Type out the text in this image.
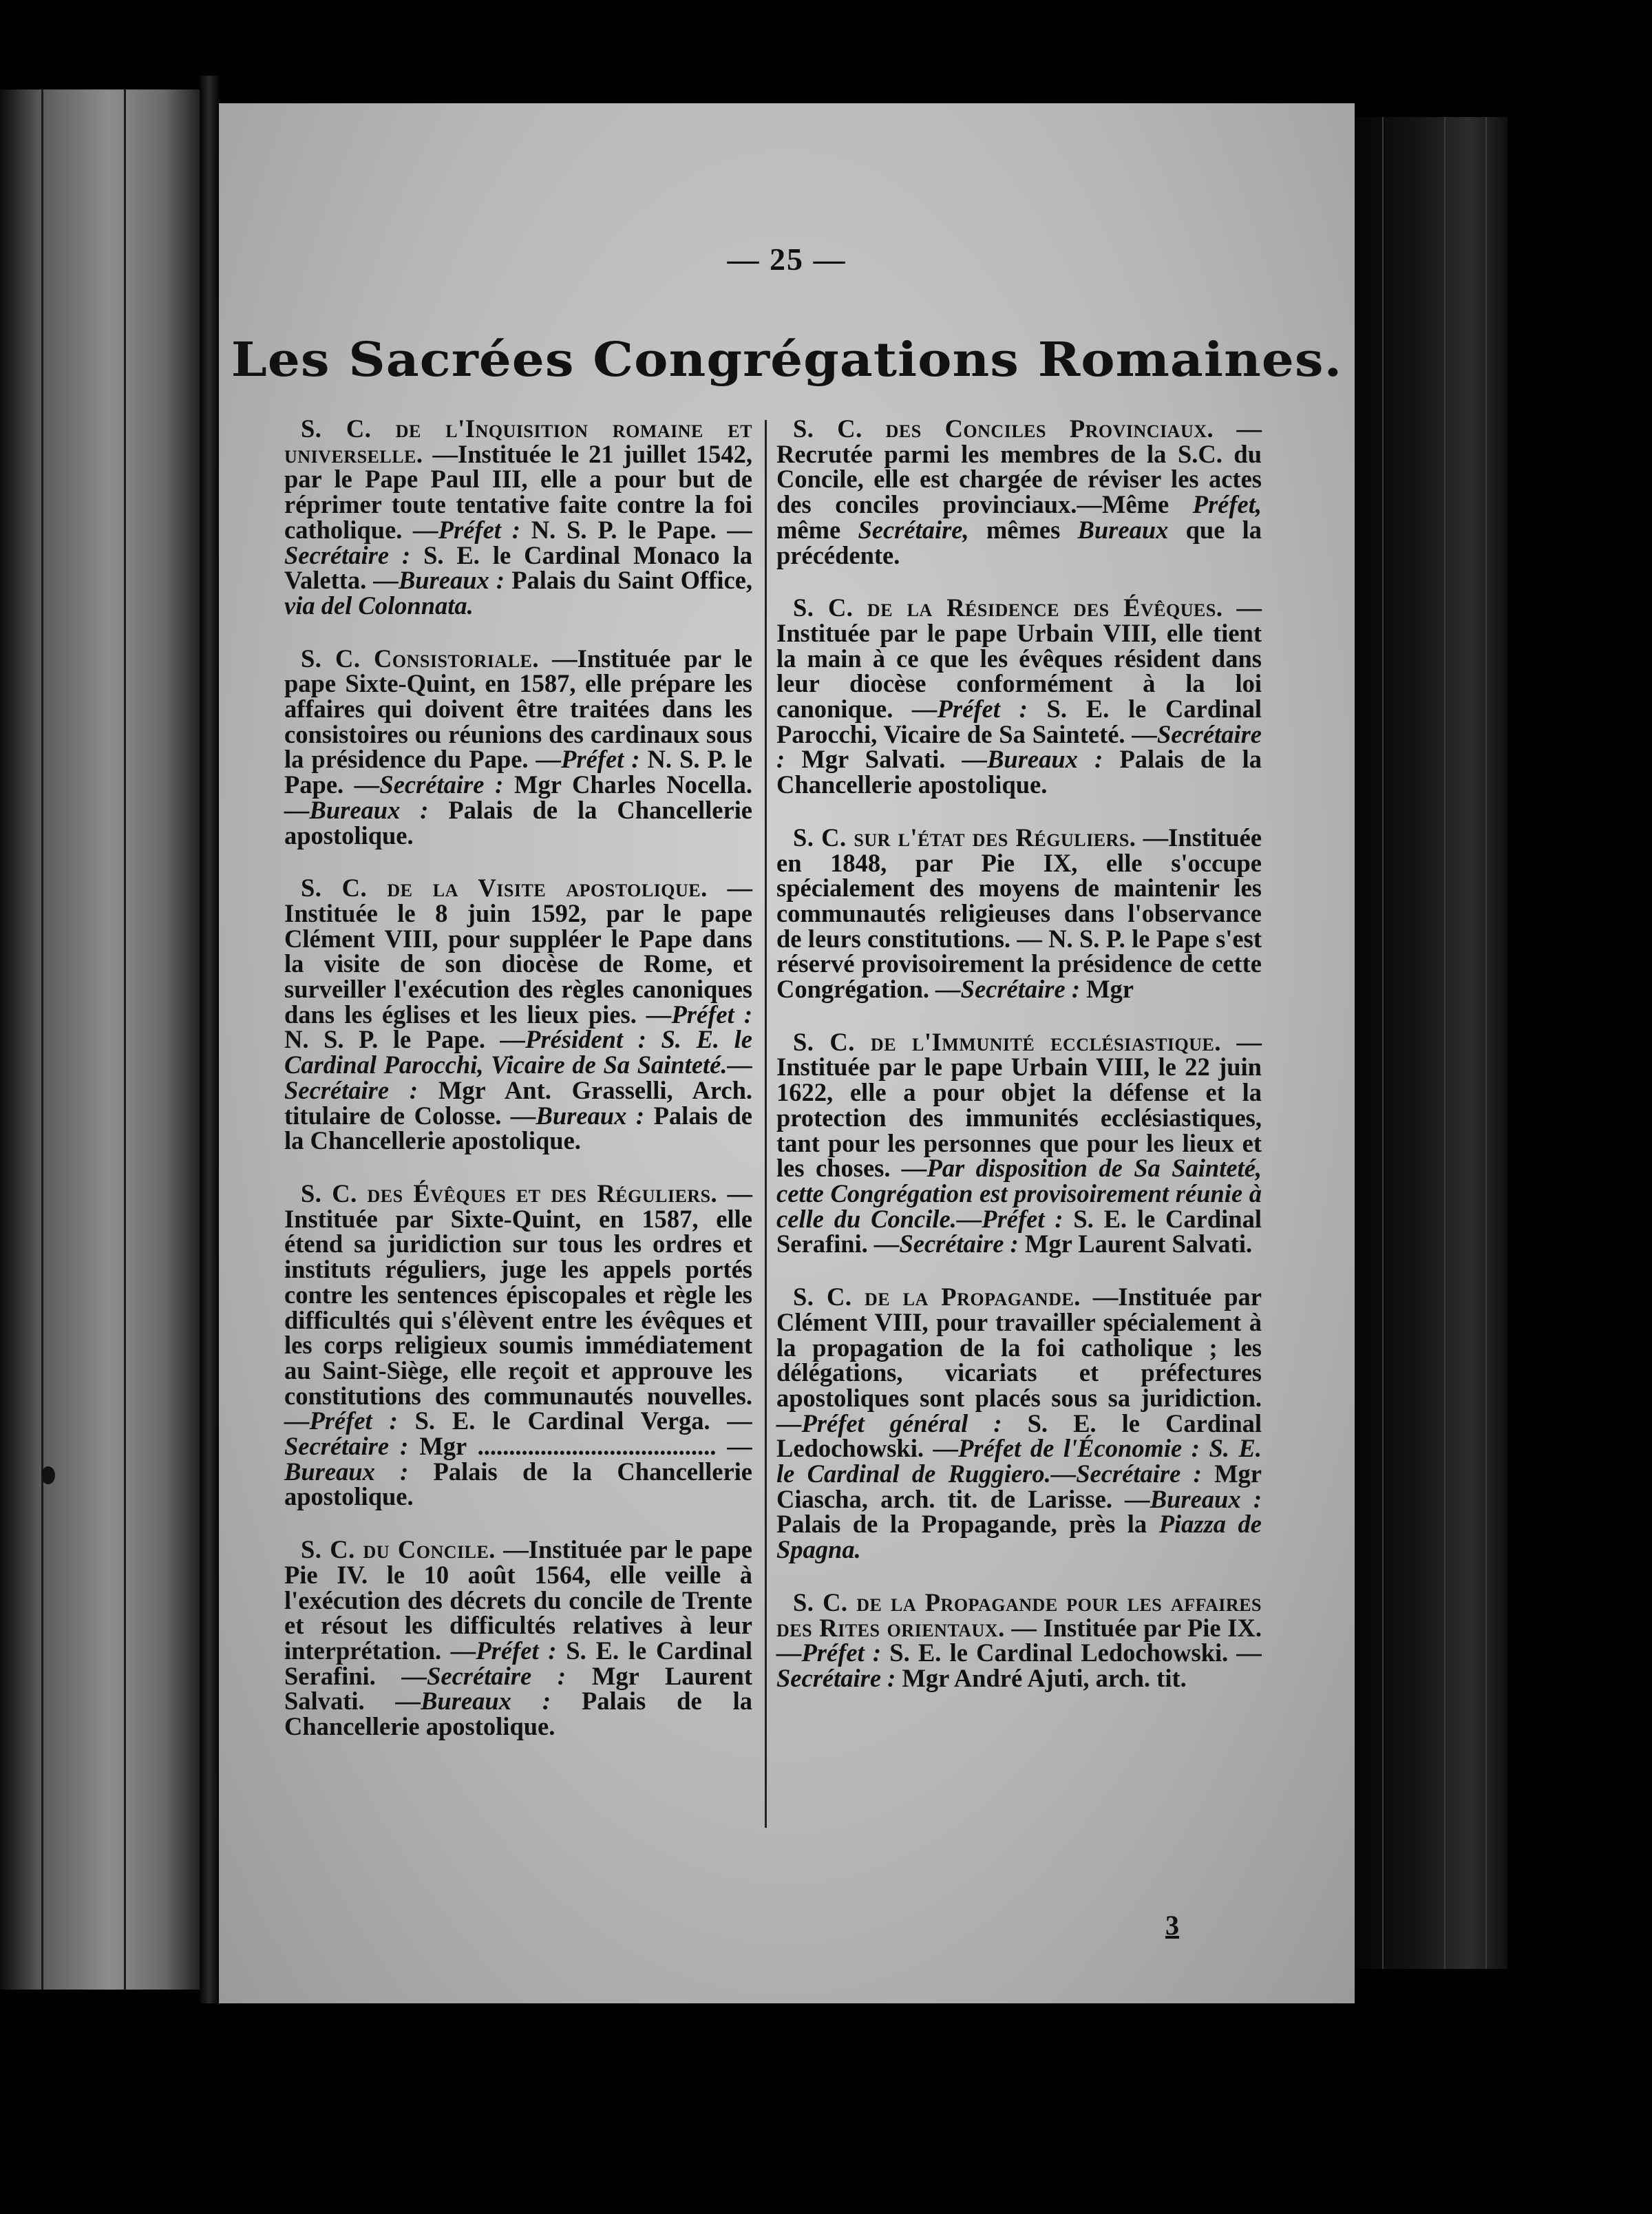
— 25 —
Les Sacrées Congrégations Romaines.

S. C. de l'Inquisition romaine et universelle. —Instituée le 21 juillet 1542, par le Pape Paul III, elle a pour but de réprimer toute tentative faite contre la foi catholique. —Préfet : N. S. P. le Pape. —Secrétaire : S. E. le Cardinal Monaco la Valetta. —Bureaux : Palais du Saint Office, via del Colonnata.

S. C. Consistoriale. —Instituée par le pape Sixte-Quint, en 1587, elle prépare les affaires qui doivent être traitées dans les consistoires ou réunions des cardinaux sous la présidence du Pape. —Préfet : N. S. P. le Pape. —Secrétaire : Mgr Charles Nocella. —Bureaux : Palais de la Chancellerie apostolique.

S. C. de la Visite apostolique. —Instituée le 8 juin 1592, par le pape Clément VIII, pour suppléer le Pape dans la visite de son diocèse de Rome, et surveiller l'exécution des règles canoniques dans les églises et les lieux pies. —Préfet : N. S. P. le Pape. —Président : S. E. le Cardinal Parocchi, Vicaire de Sa Sainteté.—Secrétaire : Mgr Ant. Grasselli, Arch. titulaire de Colosse. —Bureaux : Palais de la Chancellerie apostolique.

S. C. des Évêques et des Réguliers. —Instituée par Sixte-Quint, en 1587, elle étend sa juridiction sur tous les ordres et instituts réguliers, juge les appels portés contre les sentences épiscopales et règle les difficultés qui s'élèvent entre les évêques et les corps religieux soumis immédiatement au Saint-Siège, elle reçoit et approuve les constitutions des communautés nouvelles. —Préfet : S. E. le Cardinal Verga. —Secrétaire : Mgr ...................................... — Bureaux : Palais de la Chancellerie apostolique.

S. C. du Concile. —Instituée par le pape Pie IV. le 10 août 1564, elle veille à l'exécution des décrets du concile de Trente et résout les difficultés relatives à leur interprétation. —Préfet : S. E. le Cardinal Serafini. —Secrétaire : Mgr Laurent Salvati. —Bureaux : Palais de la Chancellerie apostolique.

S. C. des Conciles Provinciaux. —Recrutée parmi les membres de la S.C. du Concile, elle est chargée de réviser les actes des conciles provinciaux.—Même Préfet, même Secrétaire, mêmes Bureaux que la précédente.

S. C. de la Résidence des Évêques. —Instituée par le pape Urbain VIII, elle tient la main à ce que les évêques résident dans leur diocèse conformément à la loi canonique. —Préfet : S. E. le Cardinal Parocchi, Vicaire de Sa Sainteté. —Secrétaire : Mgr Salvati. —Bureaux : Palais de la Chancellerie apostolique.

S. C. sur l'état des Réguliers. —Instituée en 1848, par Pie IX, elle s'occupe spécialement des moyens de maintenir les communautés religieuses dans l'observance de leurs constitutions. — N. S. P. le Pape s'est réservé provisoirement la présidence de cette Congrégation. —Secrétaire : Mgr

S. C. de l'Immunité ecclésiastique. —Instituée par le pape Urbain VIII, le 22 juin 1622, elle a pour objet la défense et la protection des immunités ecclésiastiques, tant pour les personnes que pour les lieux et les choses. —Par disposition de Sa Sainteté, cette Congrégation est provisoirement réunie à celle du Concile.—Préfet : S. E. le Cardinal Serafini. —Secrétaire : Mgr Laurent Salvati.

S. C. de la Propagande. —Instituée par Clément VIII, pour travailler spécialement à la propagation de la foi catholique ; les délégations, vicariats et préfectures apostoliques sont placés sous sa juridiction. —Préfet général : S. E. le Cardinal Ledochowski. —Préfet de l'Économie : S. E. le Cardinal de Ruggiero.—Secrétaire : Mgr Ciascha, arch. tit. de Larisse. —Bureaux : Palais de la Propagande, près la Piazza de Spagna.

S. C. de la Propagande pour les affaires des Rites orientaux. — Instituée par Pie IX. —Préfet : S. E. le Cardinal Ledochowski. — Secrétaire : Mgr André Ajuti, arch. tit.

3
